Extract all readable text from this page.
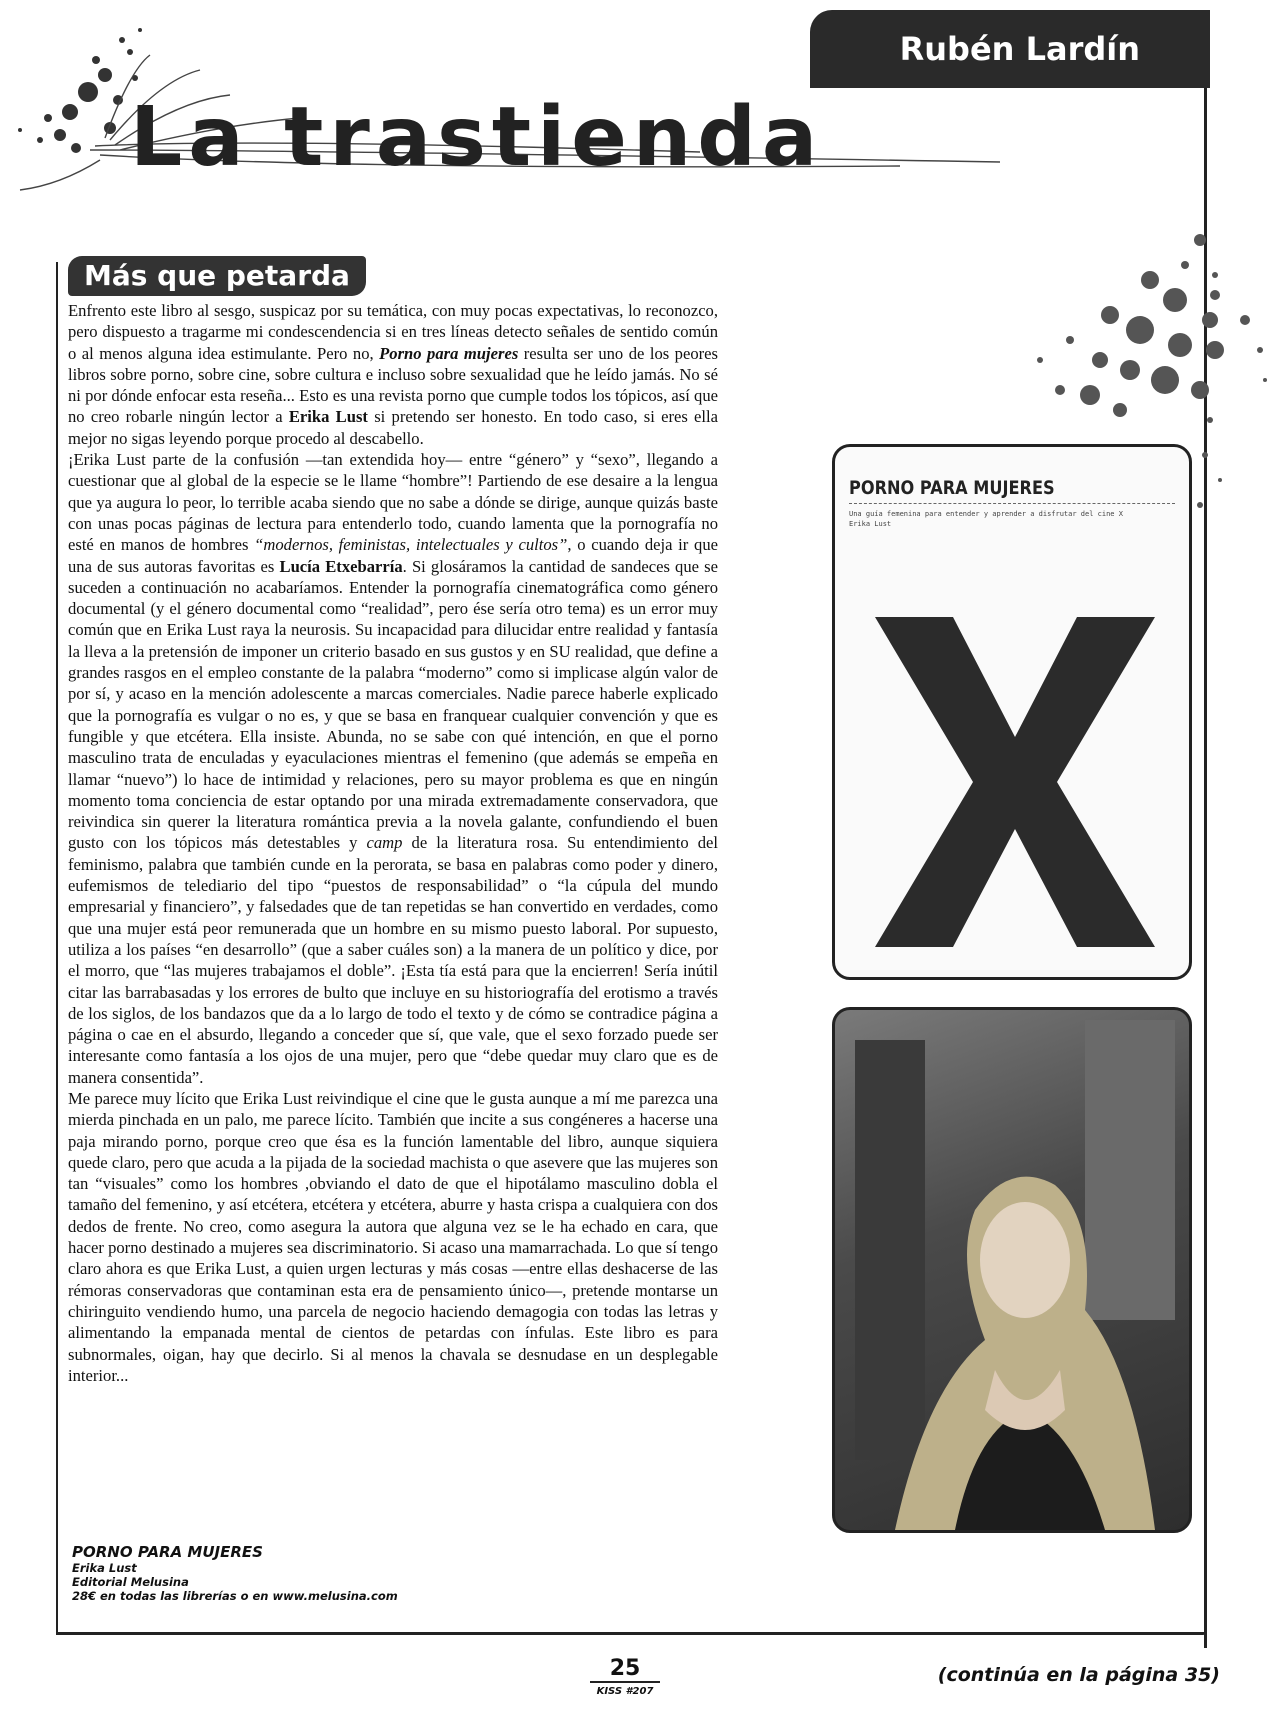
Rubén Lardín
La trastienda
Más que petarda

Enfrento este libro al sesgo, suspicaz por su temática, con muy pocas expectativas, lo reconozco, pero dispuesto a tragarme mi condescendencia si en tres líneas detecto señales de sentido común o al menos alguna idea estimulante. Pero no, Porno para mujeres resulta ser uno de los peores libros sobre porno, sobre cine, sobre cultura e incluso sobre sexualidad que he leído jamás. No sé ni por dónde enfocar esta reseña... Esto es una revista porno que cumple todos los tópicos, así que no creo robarle ningún lector a Erika Lust si pretendo ser honesto. En todo caso, si eres ella mejor no sigas leyendo porque procedo al descabello.

¡Erika Lust parte de la confusión —tan extendida hoy— entre “género” y “sexo”, llegando a cuestionar que al global de la especie se le llame “hombre”! Partiendo de ese desaire a la lengua que ya augura lo peor, lo terrible acaba siendo que no sabe a dónde se dirige, aunque quizás baste con unas pocas páginas de lectura para entenderlo todo, cuando lamenta que la pornografía no esté en manos de hombres “modernos, feministas, intelectuales y cultos”, o cuando deja ir que una de sus autoras favoritas es Lucía Etxebarría. Si glosáramos la cantidad de sandeces que se suceden a continuación no acabaríamos. Entender la pornografía cinematográfica como género documental (y el género documental como “realidad”, pero ése sería otro tema) es un error muy común que en Erika Lust raya la neurosis. Su incapacidad para dilucidar entre realidad y fantasía la lleva a la pretensión de imponer un criterio basado en sus gustos y en SU realidad, que define a grandes rasgos en el empleo constante de la palabra “moderno” como si implicase algún valor de por sí, y acaso en la mención adolescente a marcas comerciales. Nadie parece haberle explicado que la pornografía es vulgar o no es, y que se basa en franquear cualquier convención y que es fungible y que etcétera. Ella insiste. Abunda, no se sabe con qué intención, en que el porno masculino trata de enculadas y eyaculaciones mientras el femenino (que además se empeña en llamar “nuevo”) lo hace de intimidad y relaciones, pero su mayor problema es que en ningún momento toma conciencia de estar optando por una mirada extremadamente conservadora, que reivindica sin querer la literatura romántica previa a la novela galante, confundiendo el buen gusto con los tópicos más detestables y camp de la literatura rosa. Su entendimiento del feminismo, palabra que también cunde en la perorata, se basa en palabras como poder y dinero, eufemismos de telediario del tipo “puestos de responsabilidad” o “la cúpula del mundo empresarial y financiero”, y falsedades que de tan repetidas se han convertido en verdades, como que una mujer está peor remunerada que un hombre en su mismo puesto laboral. Por supuesto, utiliza a los países “en desarrollo” (que a saber cuáles son) a la manera de un político y dice, por el morro, que “las mujeres trabajamos el doble”. ¡Esta tía está para que la encierren! Sería inútil citar las barrabasadas y los errores de bulto que incluye en su historiografía del erotismo a través de los siglos, de los bandazos que da a lo largo de todo el texto y de cómo se contradice página a página o cae en el absurdo, llegando a conceder que sí, que vale, que el sexo forzado puede ser interesante como fantasía a los ojos de una mujer, pero que “debe quedar muy claro que es de manera consentida”.

Me parece muy lícito que Erika Lust reivindique el cine que le gusta aunque a mí me parezca una mierda pinchada en un palo, me parece lícito. También que incite a sus congéneres a hacerse una paja mirando porno, porque creo que ésa es la función lamentable del libro, aunque siquiera quede claro, pero que acuda a la pijada de la sociedad machista o que asevere que las mujeres son tan “visuales” como los hombres ,obviando el dato de que el hipotálamo masculino dobla el tamaño del femenino, y así etcétera, etcétera y etcétera, aburre y hasta crispa a cualquiera con dos dedos de frente. No creo, como asegura la autora que alguna vez se le ha echado en cara, que hacer porno destinado a mujeres sea discriminatorio. Si acaso una mamarrachada. Lo que sí tengo claro ahora es que Erika Lust, a quien urgen lecturas y más cosas —entre ellas deshacerse de las rémoras conservadoras que contaminan esta era de pensamiento único—, pretende montarse un chiringuito vendiendo humo, una parcela de negocio haciendo demagogia con todas las letras y alimentando la empanada mental de cientos de petardas con ínfulas. Este libro es para subnormales, oigan, hay que decirlo. Si al menos la chavala se desnudase en un desplegable interior...

PORNO PARA MUJERES
Erika Lust
Editorial Melusina
28€ en todas las librerías o en www.melusina.com
PORNO PARA MUJERES
Una guía femenina para entender y aprender a disfrutar del cine X
Erika Lust
25
KISS #207
(continúa en la página 35)
